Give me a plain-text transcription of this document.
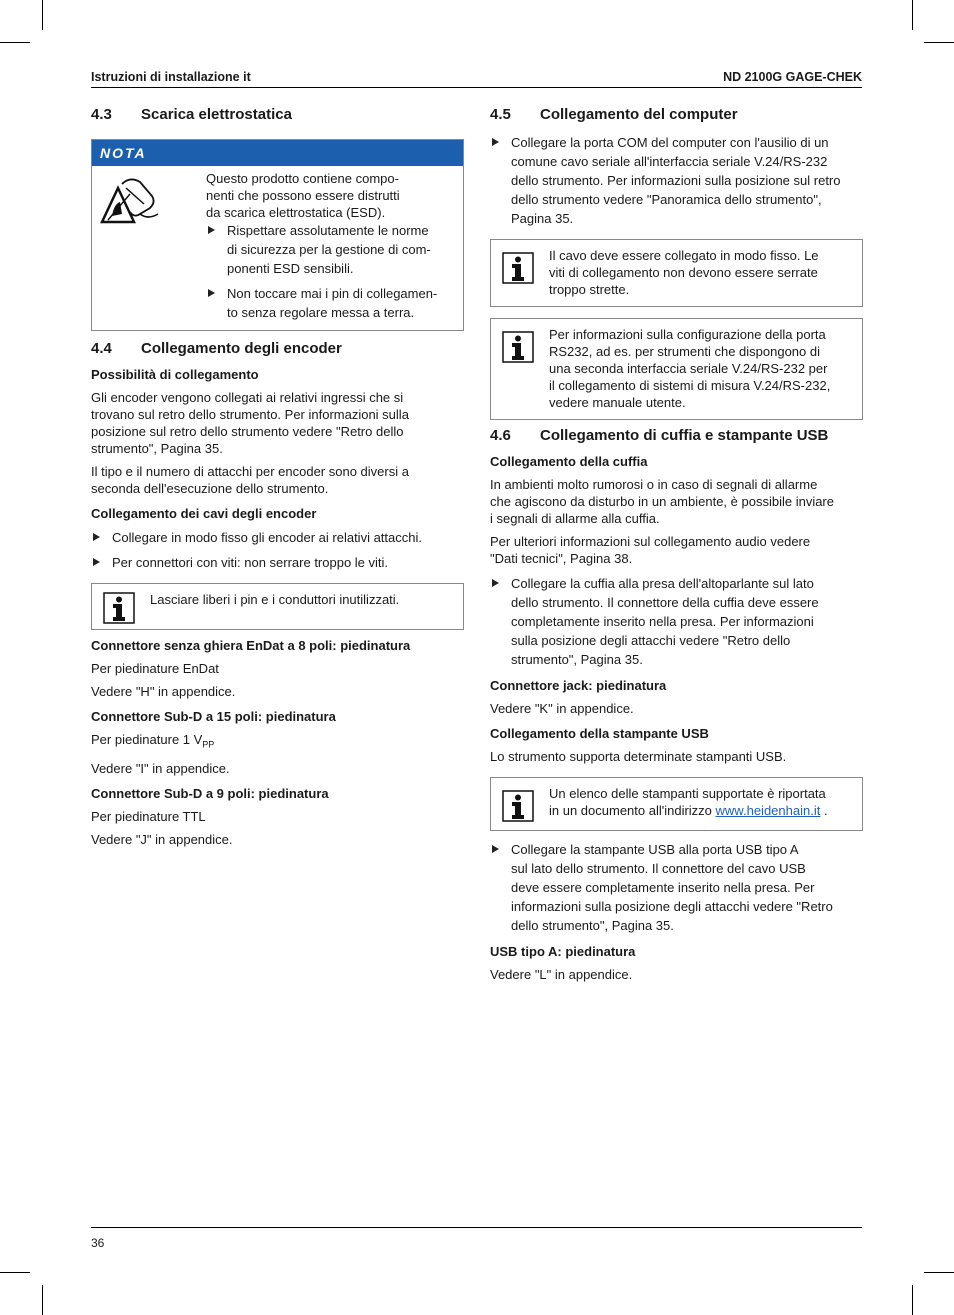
Istruzioni di installazione it	ND 2100G GAGE-CHEK
4.3 Scarica elettrostatica
NOTA

Questo prodotto contiene compo-

nenti che possono essere distrutti

da scarica elettrostatica (ESD).

Rispettare assolutamente le norme
di sicurezza per la gestione di com-
ponenti ESD sensibili.
Non toccare mai i pin di collegamen-
to senza regolare messa a terra.
4.4 Collegamento degli encoder
Possibilità di collegamento

Gli encoder vengono collegati ai relativi ingressi che si

trovano sul retro dello strumento. Per informazioni sulla

posizione sul retro dello strumento vedere "Retro dello

strumento", Pagina 35.

Il tipo e il numero di attacchi per encoder sono diversi a

seconda dell'esecuzione dello strumento.

Collegamento dei cavi degli encoder
Collegare in modo fisso gli encoder ai relativi attacchi.
Per connettori con viti: non serrare troppo le viti.
Lasciare liberi i pin e i conduttori inutilizzati.
Connettore senza ghiera EnDat a 8 poli: piedinatura

Per piedinature EnDat

Vedere "H" in appendice.

Connettore Sub-D a 15 poli: piedinatura

Per piedinature 1 $V_{PP}$

Vedere "I" in appendice.

Connettore Sub-D a 9 poli: piedinatura

Per piedinature TTL

Vedere "J" in appendice.

4.5 Collegamento del computer
Collegare la porta COM del computer con l'ausilio di un
comune cavo seriale all'interfaccia seriale V.24/RS-232
dello strumento. Per informazioni sulla posizione sul retro
dello strumento vedere "Panoramica dello strumento",
Pagina 35.

Il cavo deve essere collegato in modo fisso. Le

viti di collegamento non devono essere serrate

troppo strette.

Per informazioni sulla configurazione della porta

RS232, ad es. per strumenti che dispongono di

una seconda interfaccia seriale V.24/RS-232 per

il collegamento di sistemi di misura V.24/RS-232,

vedere manuale utente.

4.6 Collegamento di cuffia e stampante USB
Collegamento della cuffia

In ambienti molto rumorosi o in caso di segnali di allarme

che agiscono da disturbo in un ambiente, è possibile inviare

i segnali di allarme alla cuffia.

Per ulteriori informazioni sul collegamento audio vedere

"Dati tecnici", Pagina 38.

Collegare la cuffia alla presa dell'altoparlante sul lato
dello strumento. Il connettore della cuffia deve essere
completamente inserito nella presa. Per informazioni
sulla posizione degli attacchi vedere "Retro dello
strumento", Pagina 35.
Connettore jack: piedinatura

Vedere "K" in appendice.

Collegamento della stampante USB

Lo strumento supporta determinate stampanti USB.

Un elenco delle stampanti supportate è riportata

in un documento all'indirizzo www.heidenhain.it .

Collegare la stampante USB alla porta USB tipo A
sul lato dello strumento. Il connettore del cavo USB
deve essere completamente inserito nella presa. Per
informazioni sulla posizione degli attacchi vedere "Retro
dello strumento", Pagina 35.
USB tipo A: piedinatura

Vedere "L" in appendice.

36
